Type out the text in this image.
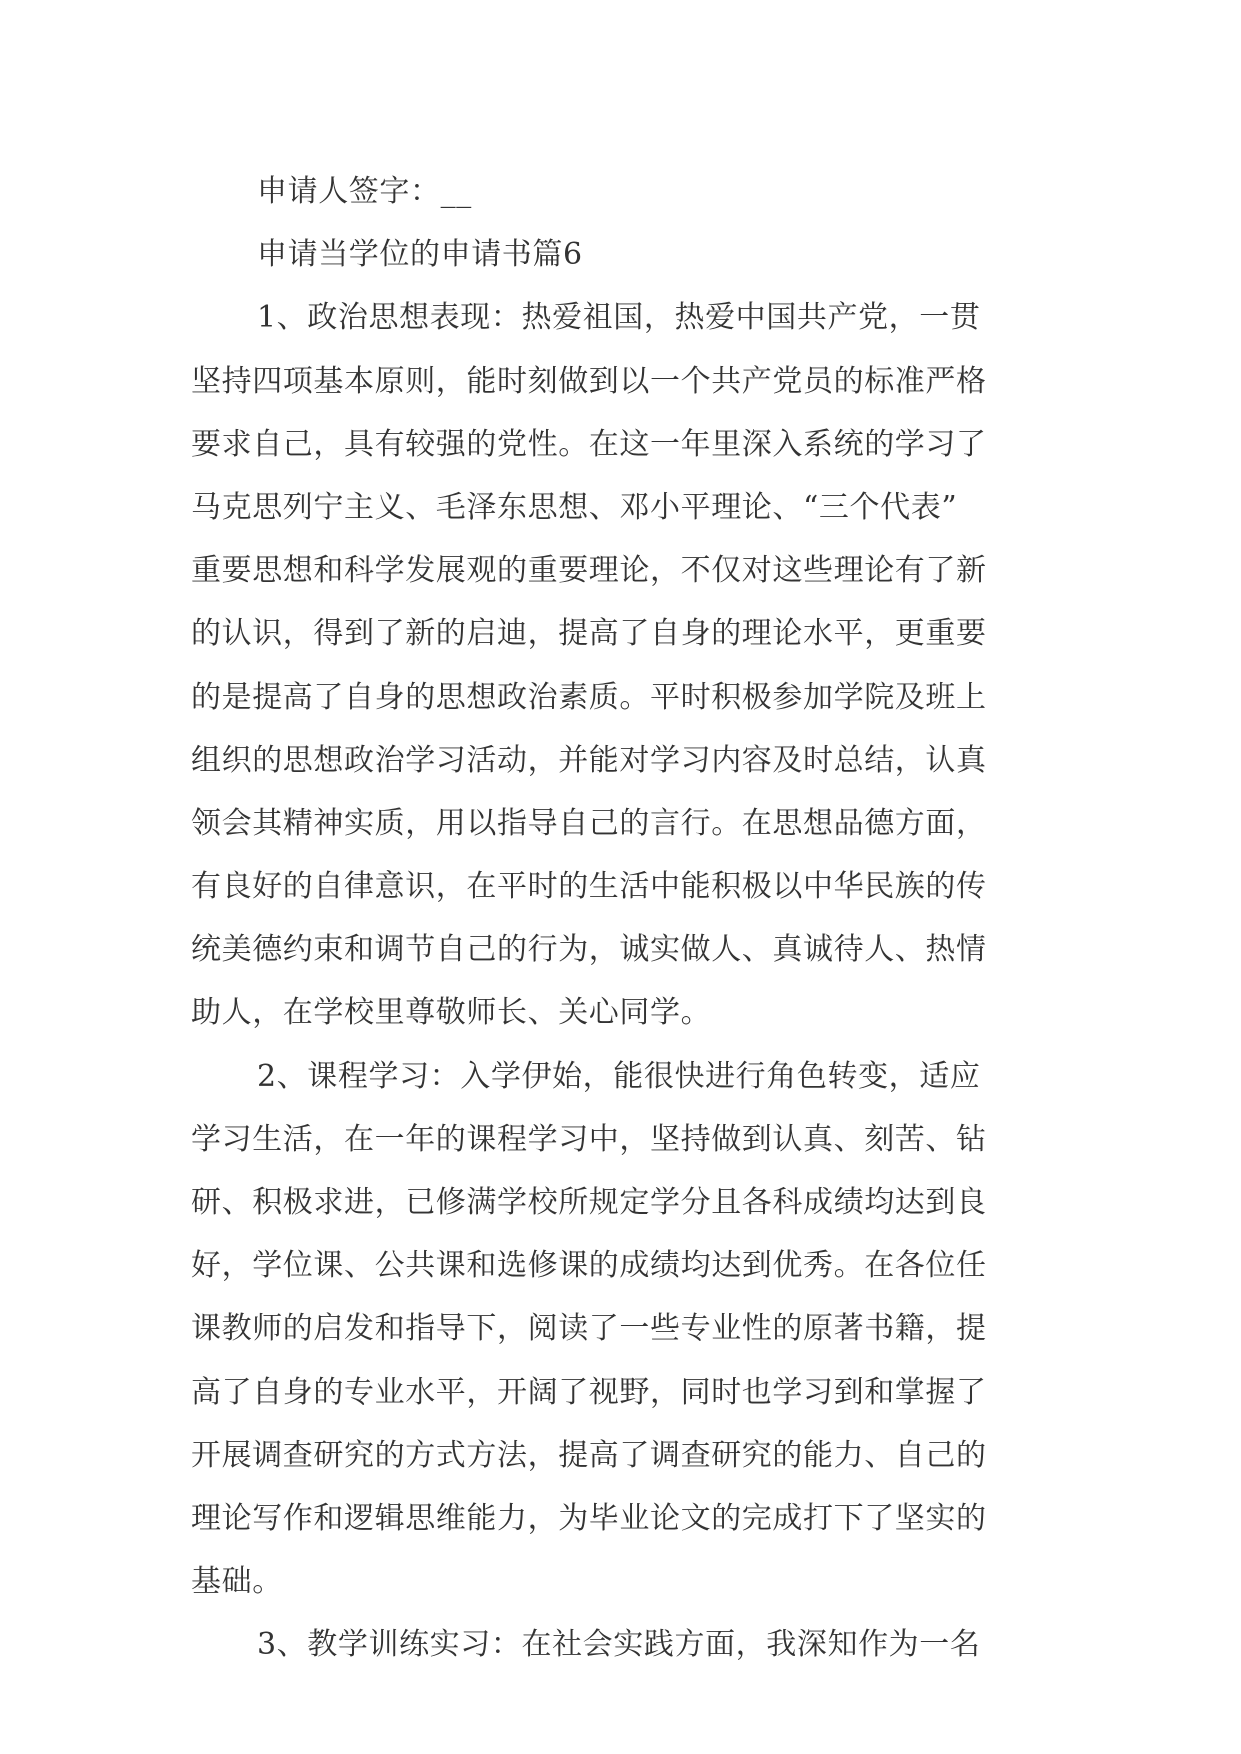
申请人签字：__
申请当学位的申请书篇6
1、政治思想表现：热爱祖国，热爱中国共产党，一贯
坚持四项基本原则，能时刻做到以一个共产党员的标准严格
要求自己，具有较强的党性。在这一年里深入系统的学习了
马克思列宁主义、毛泽东思想、邓小平理论、“三个代表”
重要思想和科学发展观的重要理论，不仅对这些理论有了新
的认识，得到了新的启迪，提高了自身的理论水平，更重要
的是提高了自身的思想政治素质。平时积极参加学院及班上
组织的思想政治学习活动，并能对学习内容及时总结，认真
领会其精神实质，用以指导自己的言行。在思想品德方面，
有良好的自律意识，在平时的生活中能积极以中华民族的传
统美德约束和调节自己的行为，诚实做人、真诚待人、热情
助人，在学校里尊敬师长、关心同学。
2、课程学习：入学伊始，能很快进行角色转变，适应
学习生活，在一年的课程学习中，坚持做到认真、刻苦、钻
研、积极求进，已修满学校所规定学分且各科成绩均达到良
好，学位课、公共课和选修课的成绩均达到优秀。在各位任
课教师的启发和指导下，阅读了一些专业性的原著书籍，提
高了自身的专业水平，开阔了视野，同时也学习到和掌握了
开展调查研究的方式方法，提高了调查研究的能力、自己的
理论写作和逻辑思维能力，为毕业论文的完成打下了坚实的
基础。
3、教学训练实习：在社会实践方面，我深知作为一名
